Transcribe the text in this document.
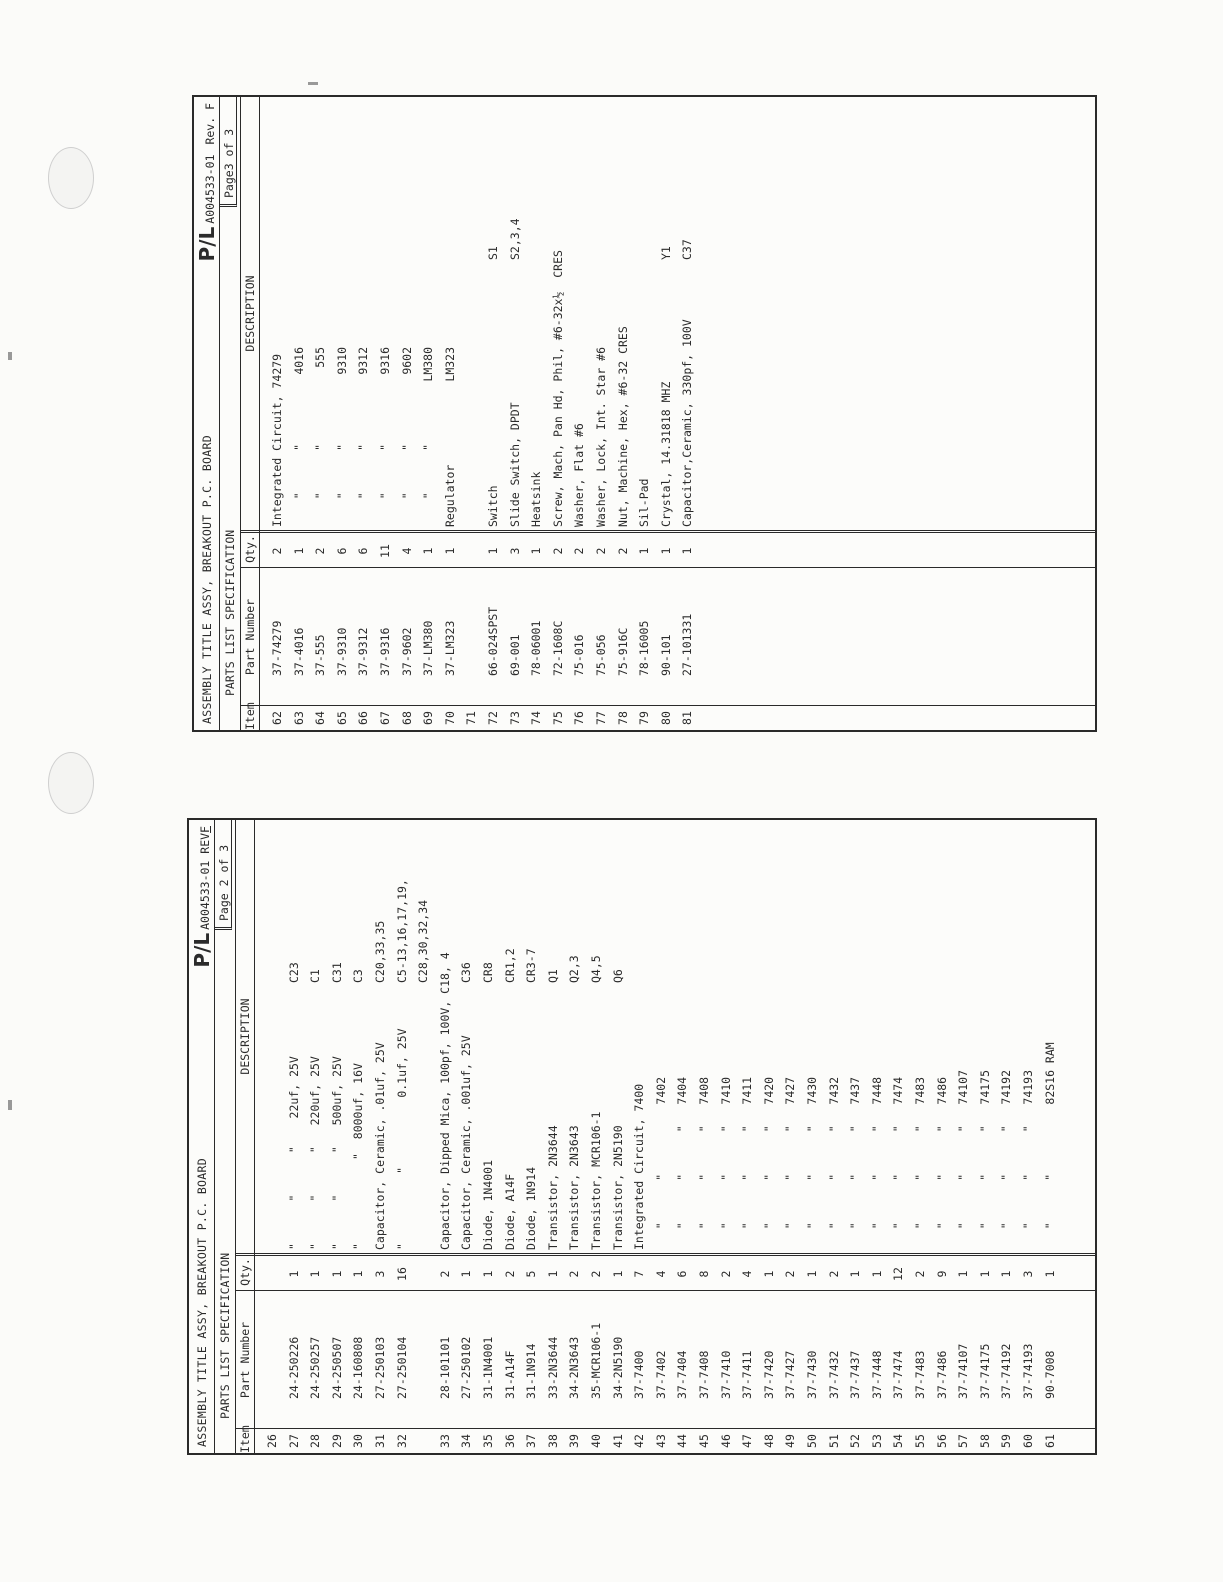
ASSEMBLY TITLE ASSY, BREAKOUT P.C. BOARD
P/LA004533-01 Rev. F
PARTS LIST SPECIFICATION
Page3 of 3
Item
Part Number
Qty.
DESCRIPTION
62
37-74279
2
Integrated Circuit, 74279
63
37-4016
1
"      "          4016
64
37-555
2
"      "           555
65
37-9310
6
"      "          9310
66
37-9312
6
"      "          9312
67
37-9316
11
"      "          9316
68
37-9602
4
"      "          9602
69
37-LM380
1
"      "         LM380
70
37-LM323
1
Regulator            LM323
71 72
66-024SPST
1
Switch
S1
73
69-001
3
Slide Switch, DPDT
S2,3,4
74
78-06001
1
Heatsink
75
72-1608C
2
Screw, Mach, Pan Hd, Phil, #6-32x½  CRES
76
75-016
2
Washer, Flat #6
77
75-056
2
Washer, Lock, Int. Star #6
78
75-916C
2
Nut, Machine, Hex, #6-32 CRES
79
78-16005
1
Sil-Pad
80
90-101
1
Crystal, 14.31818 MHZ
Y1
81
27-101331
1
Capacitor,Ceramic, 330pf, 100V
C37
ASSEMBLY TITLE ASSY, BREAKOUT P.C. BOARD
P/LA004533-01 REVF
PARTS LIST SPECIFICATION
Page 2 of 3
Item
Part Number
Qty.
DESCRIPTION
26 27
24-250226
1
"      "      "    22uf, 25V
C23
28
24-250257
1
"      "      "   220uf, 25V
C1
29
24-250507
1
"      "      "   500uf, 25V
C31
30
24-160808
1
"            "  8000uf, 16V
C3
31
27-250103
3
Capacitor, Ceramic, .01uf, 25V
C20,33,35
32
27-250104
16
"          "          0.1uf, 25V
C5-13,16,17,19, C28,30,32,34
33
28-101101
2
Capacitor, Dipped Mica, 100pf, 100V, C18, 4
34
27-250102
1
Capacitor, Ceramic, .001uf, 25V
C36
35
31-1N4001
1
Diode, 1N4001
CR8
36
31-A14F
2
Diode, A14F
CR1,2
37
31-1N914
5
Diode, 1N914
CR3-7
38
33-2N3644
1
Transistor, 2N3644
Q1
39
34-2N3643
2
Transistor, 2N3643
Q2,3
40
35-MCR106-1
2
Transistor, MCR106-1
Q4,5
41
34-2N5190
1
Transistor, 2N5190
Q6
42
37-7400
7
Integrated Circuit, 7400
43
37-7402
4
"      "          7402
44
37-7404
6
"      "      "   7404
45
37-7408
8
"      "      "   7408
46
37-7410
2
"      "      "   7410
47
37-7411
4
"      "      "   7411
48
37-7420
1
"      "      "   7420
49
37-7427
2
"      "      "   7427
50
37-7430
1
"      "      "   7430
51
37-7432
2
"      "      "   7432
52
37-7437
1
"      "      "   7437
53
37-7448
1
"      "      "   7448
54
37-7474
12
"      "      "   7474
55
37-7483
2
"      "      "   7483
56
37-7486
9
"      "      "   7486
57
37-74107
1
"      "      "   74107
58
37-74175
1
"      "      "   74175
59
37-74192
1
"      "      "   74192
60
37-74193
3
"      "      "   74193
61
90-7008
1
"      "          82S16 RAM
